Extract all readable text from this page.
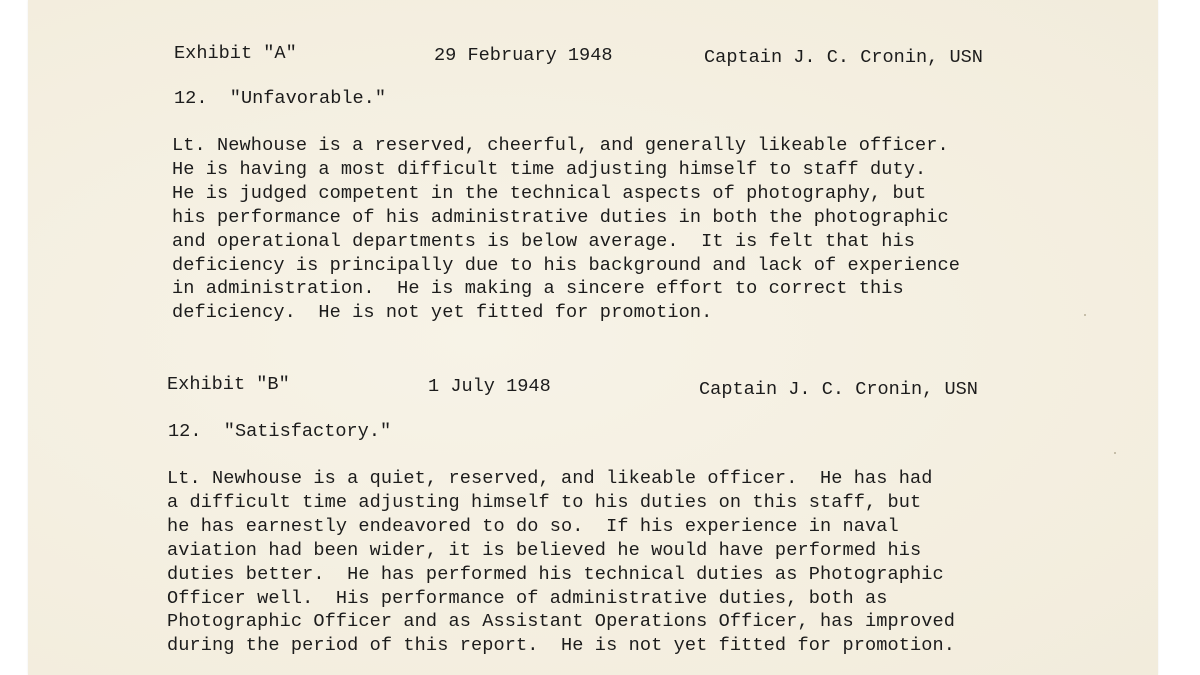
Exhibit "A"	29 February 1948	Captain J. C. Cronin, USN
12.  "Unfavorable."
Lt. Newhouse is a reserved, cheerful, and generally likeable officer.
He is having a most difficult time adjusting himself to staff duty.
He is judged competent in the technical aspects of photography, but
his performance of his administrative duties in both the photographic
and operational departments is below average.  It is felt that his
deficiency is principally due to his background and lack of experience
in administration.  He is making a sincere effort to correct this
deficiency.  He is not yet fitted for promotion.
Exhibit "B"	1 July 1948	Captain J. C. Cronin, USN
12.  "Satisfactory."
Lt. Newhouse is a quiet, reserved, and likeable officer.  He has had
a difficult time adjusting himself to his duties on this staff, but
he has earnestly endeavored to do so.  If his experience in naval
aviation had been wider, it is believed he would have performed his
duties better.  He has performed his technical duties as Photographic
Officer well.  His performance of administrative duties, both as
Photographic Officer and as Assistant Operations Officer, has improved
during the period of this report.  He is not yet fitted for promotion.
